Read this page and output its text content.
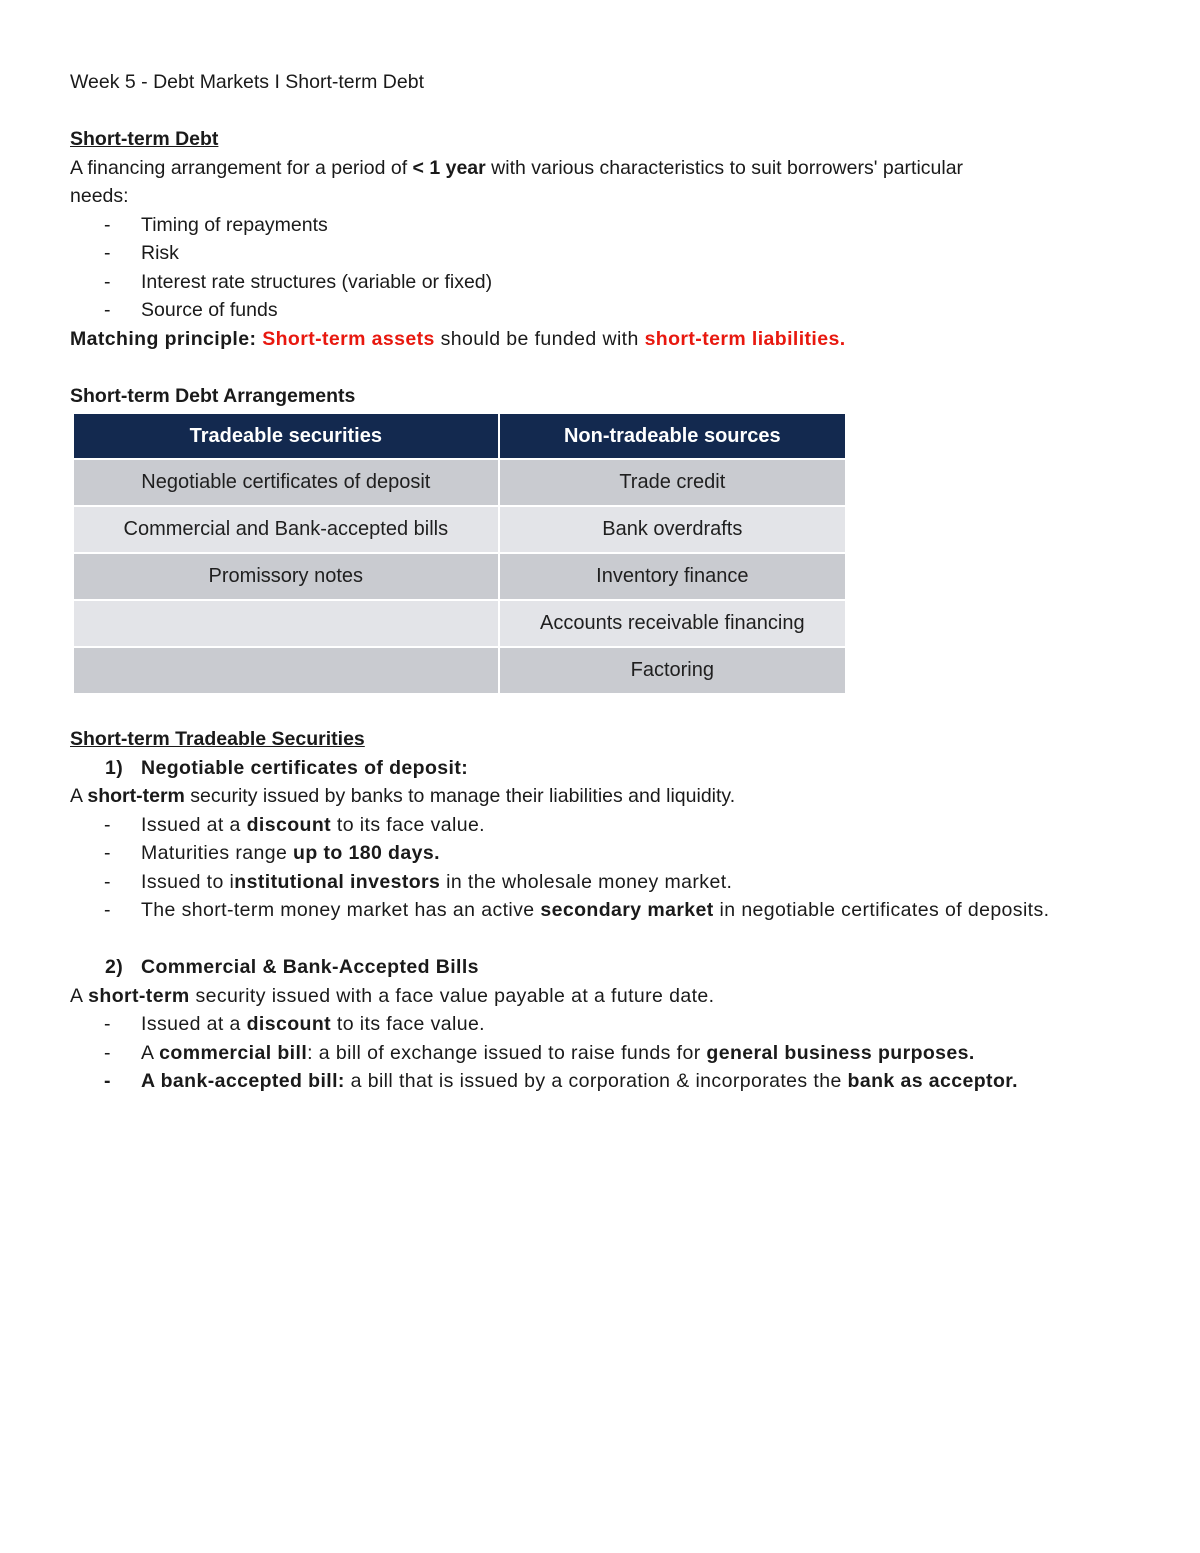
Week 5 - Debt Markets I Short-term Debt
Short-term Debt
A financing arrangement for a period of < 1 year with various characteristics to suit borrowers' particular
needs:
- Timing of repayments
- Risk
- Interest rate structures (variable or fixed)
- Source of funds
Matching principle: Short-term assets should be funded with short-term liabilities.
Short-term Debt Arrangements
Tradeable securities	Non-tradeable sources
Negotiable certificates of deposit	Trade credit
Commercial and Bank-accepted bills	Bank overdrafts
Promissory notes	Inventory finance
	Accounts receivable financing
	Factoring
Short-term Tradeable Securities
1) Negotiable certificates of deposit:
A short-term security issued by banks to manage their liabilities and liquidity.
- Issued at a discount to its face value.
- Maturities range up to 180 days.
- Issued to institutional investors in the wholesale money market.
- The short-term money market has an active secondary market in negotiable certificates of deposits.
2) Commercial & Bank-Accepted Bills
A short-term security issued with a face value payable at a future date.
- Issued at a discount to its face value.
- A commercial bill: a bill of exchange issued to raise funds for general business purposes.
- A bank-accepted bill: a bill that is issued by a corporation & incorporates the bank as acceptor.
